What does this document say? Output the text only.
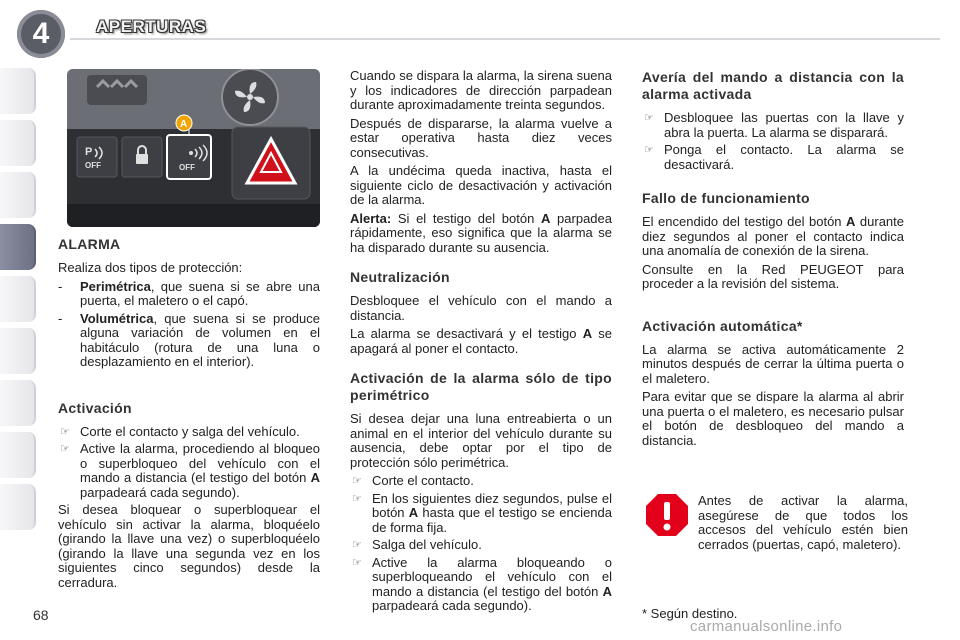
4	APERTURAS
P
OFF	OFF
A
ALARMA

Realiza dos tipos de protección:

- Perimétrica, que suena si se abre una puerta, el maletero o el capó.
- Volumétrica, que suena si se produce alguna variación de volumen en el habitáculo (rotura de una luna o desplazamiento en el interior).
Activación
☞ Corte el contacto y salga del vehículo.
☞ Active la alarma, procediendo al bloqueo o superbloqueo del vehículo con el mando a distancia (el testigo del botón A parpadeará cada segundo).

Si desea bloquear o superbloquear el vehículo sin activar la alarma, bloquéelo (girando la llave una vez) o superbloquéelo (girando la llave una segunda vez en los siguientes cinco segundos) desde la cerradura.

Cuando se dispara la alarma, la sirena suena y los indicadores de dirección parpadean durante aproximadamente treinta segundos.

Después de dispararse, la alarma vuelve a estar operativa hasta diez veces consecutivas.

A la undécima queda inactiva, hasta el siguiente ciclo de desactivación y activación de la alarma.

Alerta: Si el testigo del botón A parpadea rápidamente, eso significa que la alarma se ha disparado durante su ausencia.

Neutralización

Desbloquee el vehículo con el mando a distancia.

La alarma se desactivará y el testigo A se apagará al poner el contacto.

Activación de la alarma sólo de tipo perimétrico

Si desea dejar una luna entreabierta o un animal en el interior del vehículo durante su ausencia, debe optar por el tipo de protección sólo perimétrica.

☞ Corte el contacto.
☞ En los siguientes diez segundos, pulse el botón A hasta que el testigo se encienda de forma fija.
☞ Salga del vehículo.
☞ Active la alarma bloqueando o superbloqueando el vehículo con el mando a distancia (el testigo del botón A parpadeará cada segundo).
Avería del mando a distancia con la alarma activada
☞ Desbloquee las puertas con la llave y abra la puerta. La alarma se disparará.
☞ Ponga el contacto. La alarma se desactivará.
Fallo de funcionamiento

El encendido del testigo del botón A durante diez segundos al poner el contacto indica una anomalía de conexión de la sirena.

Consulte en la Red PEUGEOT para proceder a la revisión del sistema.

Activación automática*

La alarma se activa automáticamente 2 minutos después de cerrar la última puerta o el maletero.

Para evitar que se dispare la alarma al abrir una puerta o el maletero, es necesario pulsar el botón de desbloqueo del mando a distancia.

Antes de activar la alarma, asegúrese de que todos los accesos del vehículo estén bien cerrados (puertas, capó, maletero).
* Según destino.
68
carmanualsonline.info
